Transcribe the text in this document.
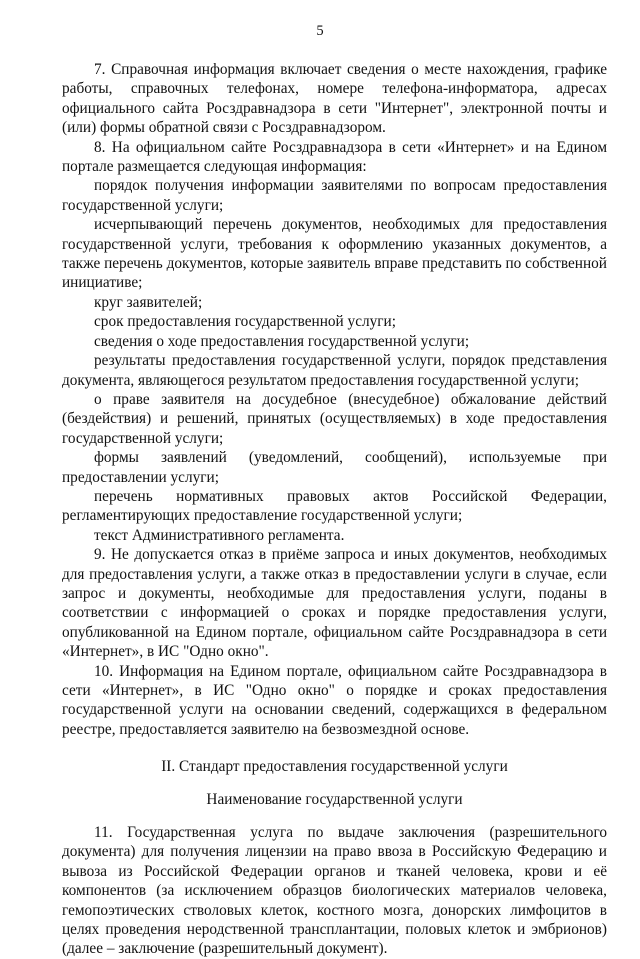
5

7. Справочная информация включает сведения о месте нахождения, графике работы, справочных телефонах, номере телефона-информатора, адресах официального сайта Росздравнадзора в сети "Интернет", электронной почты и (или) формы обратной связи с Росздравнадзором.

8. На официальном сайте Росздравнадзора в сети «Интернет» и на Едином портале размещается следующая информация:

порядок получения информации заявителями по вопросам предоставления государственной услуги;

исчерпывающий перечень документов, необходимых для предоставления государственной услуги, требования к оформлению указанных документов, а также перечень документов, которые заявитель вправе представить по собственной инициативе;

круг заявителей;

срок предоставления государственной услуги;

сведения о ходе предоставления государственной услуги;

результаты предоставления государственной услуги, порядок представления документа, являющегося результатом предоставления государственной услуги;

о праве заявителя на досудебное (внесудебное) обжалование действий (бездействия) и решений, принятых (осуществляемых) в ходе предоставления государственной услуги;

формы заявлений (уведомлений, сообщений), используемые при предоставлении услуги;

перечень нормативных правовых актов Российской Федерации, регламентирующих предоставление государственной услуги;

текст Административного регламента.

9. Не допускается отказ в приёме запроса и иных документов, необходимых для предоставления услуги, а также отказ в предоставлении услуги в случае, если запрос и документы, необходимые для предоставления услуги, поданы в соответствии с информацией о сроках и порядке предоставления услуги, опубликованной на Едином портале, официальном сайте Росздравнадзора в сети «Интернет», в ИС "Одно окно".

10. Информация на Едином портале, официальном сайте Росздравнадзора в сети «Интернет», в ИС "Одно окно" о порядке и сроках предоставления государственной услуги на основании сведений, содержащихся в федеральном реестре, предоставляется заявителю на безвозмездной основе.

II. Стандарт предоставления государственной услуги
Наименование государственной услуги

11. Государственная услуга по выдаче заключения (разрешительного документа) для получения лицензии на право ввоза в Российскую Федерацию и вывоза из Российской Федерации органов и тканей человека, крови и её компонентов (за исключением образцов биологических материалов человека, гемопоэтических стволовых клеток, костного мозга, донорских лимфоцитов в целях проведения неродственной трансплантации, половых клеток и эмбрионов) (далее – заключение (разрешительный документ).
